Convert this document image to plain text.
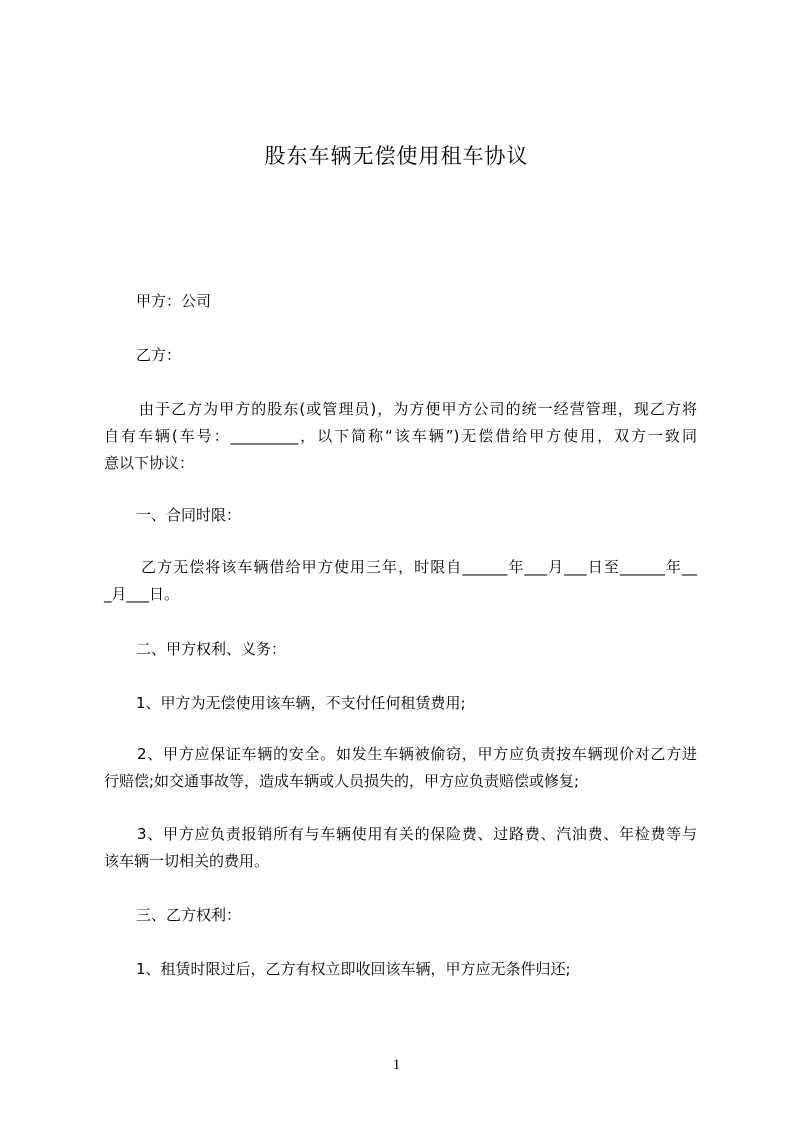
股东车辆无偿使用租车协议
甲方：公司
乙方：
由于乙方为甲方的股东(或管理员)，为方便甲方公司的统一经营管理，现乙方将
自有车辆(车号：_________，以下简称“该车辆”)无偿借给甲方使用，双方一致同
意以下协议：
一、合同时限：
乙方无偿将该车辆借给甲方使用三年，时限自______年___月___日至______年__
_月___日。
二、甲方权利、义务：
1、甲方为无偿使用该车辆，不支付任何租赁费用;
2、甲方应保证车辆的安全。如发生车辆被偷窃，甲方应负责按车辆现价对乙方进
行赔偿;如交通事故等，造成车辆或人员损失的，甲方应负责赔偿或修复;
3、甲方应负责报销所有与车辆使用有关的保险费、过路费、汽油费、年检费等与
该车辆一切相关的费用。
三、乙方权利：
1、租赁时限过后，乙方有权立即收回该车辆，甲方应无条件归还;
1
